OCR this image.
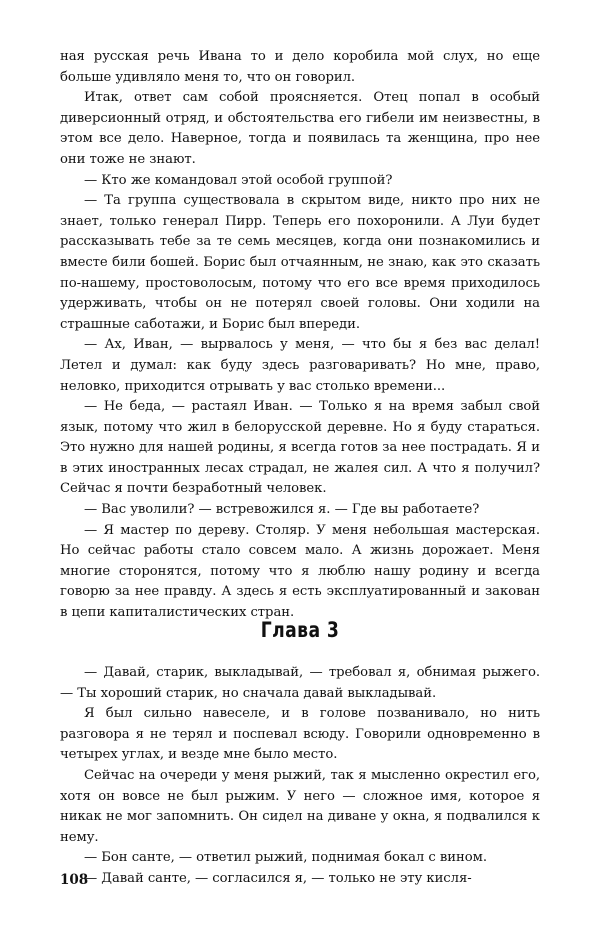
ная русская речь Ивана то и дело коробила мой слух, но еще больше удивляло меня то, что он говорил.

Итак, ответ сам собой проясняется. Отец попал в особый диверсионный отряд, и обстоятельства его гибели им неизвестны, в этом все дело. Наверное, тогда и появилась та женщина, про нее они тоже не знают.

— Кто же командовал этой особой группой?

— Та группа существовала в скрытом виде, никто про них не знает, только генерал Пирр. Теперь его похоронили. А Луи будет рассказывать тебе за те семь месяцев, когда они познакомились и вместе били бошей. Борис был отчаянным, не знаю, как это сказать по-нашему, простоволосым, потому что его все время приходилось удерживать, чтобы он не потерял своей головы. Они ходили на страшные саботажи, и Борис был впереди.

— Ах, Иван, — вырвалось у меня, — что бы я без вас делал! Летел и думал: как буду здесь разговаривать? Но мне, право, неловко, приходится отрывать у вас столько времени...

— Не беда, — растаял Иван. — Только я на время забыл свой язык, потому что жил в белорусской деревне. Но я буду стараться. Это нужно для нашей родины, я всегда готов за нее пострадать. Я и в этих иностранных лесах страдал, не жалея сил. А что я получил? Сейчас я почти безработный человек.

— Вас уволили? — встревожился я. — Где вы работаете?

— Я мастер по дереву. Столяр. У меня небольшая мастерская. Но сейчас работы стало совсем мало. А жизнь дорожает. Меня многие сторонятся, потому что я люблю нашу родину и всегда говорю за нее правду. А здесь я есть эксплуатированный и закован в цепи капиталистических стран.

Глава 3

— Давай, старик, выкладывай, — требовал я, обнимая рыжего. — Ты хороший старик, но сначала давай выкладывай.

Я был сильно навеселе, и в голове позванивало, но нить разговора я не терял и поспевал всюду. Говорили одновременно в четырех углах, и везде мне было место.

Сейчас на очереди у меня рыжий, так я мысленно окрестил его, хотя он вовсе не был рыжим. У него — сложное имя, которое я никак не мог запомнить. Он сидел на диване у окна, я подвалился к нему.

— Бон санте, — ответил рыжий, поднимая бокал с вином.

— Давай санте, — согласился я, — только не эту кисля-

108
